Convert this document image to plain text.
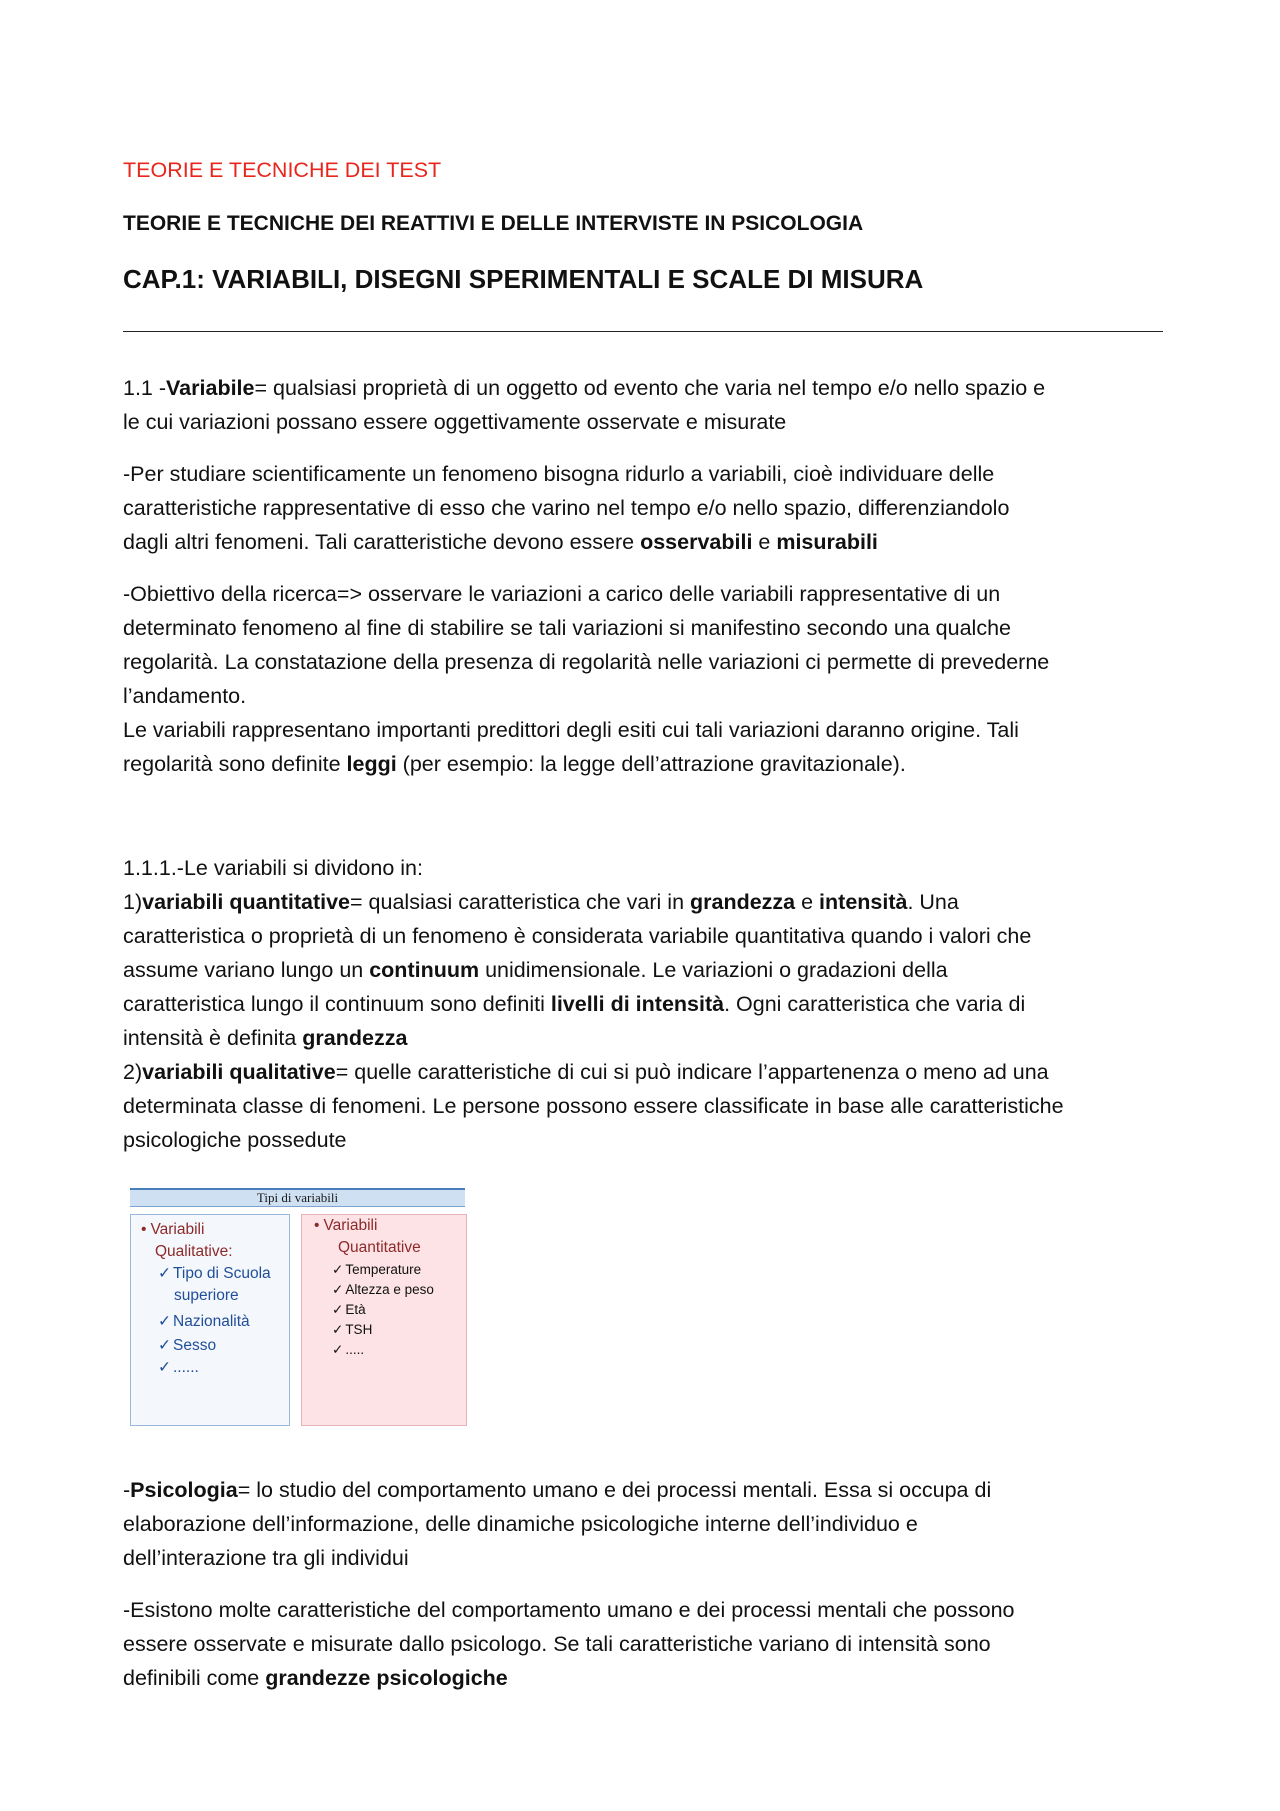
TEORIE E TECNICHE DEI TEST

TEORIE E TECNICHE DEI REATTIVI E DELLE INTERVISTE IN PSICOLOGIA

CAP.1: VARIABILI, DISEGNI SPERIMENTALI E SCALE DI MISURA

1.1 -Variabile= qualsiasi proprietà di un oggetto od evento che varia nel tempo e/o nello spazio e

le cui variazioni possano essere oggettivamente osservate e misurate

-Per studiare scientificamente un fenomeno bisogna ridurlo a variabili, cioè individuare delle

caratteristiche rappresentative di esso che varino nel tempo e/o nello spazio, differenziandolo

dagli altri fenomeni. Tali caratteristiche devono essere osservabili e misurabili

-Obiettivo della ricerca=> osservare le variazioni a carico delle variabili rappresentative di un

determinato fenomeno al fine di stabilire se tali variazioni si manifestino secondo una qualche

regolarità. La constatazione della presenza di regolarità nelle variazioni ci permette di prevederne

l’andamento.

Le variabili rappresentano importanti predittori degli esiti cui tali variazioni daranno origine. Tali

regolarità sono definite leggi (per esempio: la legge dell’attrazione gravitazionale).

1.1.1.-Le variabili si dividono in:

1)variabili quantitative= qualsiasi caratteristica che vari in grandezza e intensità. Una

caratteristica o proprietà di un fenomeno è considerata variabile quantitativa quando i valori che

assume variano lungo un continuum unidimensionale. Le variazioni o gradazioni della

caratteristica lungo il continuum sono definiti livelli di intensità. Ogni caratteristica che varia di

intensità è definita grandezza

2)variabili qualitative= quelle caratteristiche di cui si può indicare l’appartenenza o meno ad una

determinata classe di fenomeni. Le persone possono essere classificate in base alle caratteristiche

psicologiche possedute

Tipi di variabili
• Variabili
Qualitative:
✓ Tipo di Scuola
superiore
✓ Nazionalità
✓ Sesso
✓ ......
• Variabili
Quantitative
✓ Temperature
✓ Altezza e peso
✓ Età
✓ TSH
✓ .....

-Psicologia= lo studio del comportamento umano e dei processi mentali. Essa si occupa di

elaborazione dell’informazione, delle dinamiche psicologiche interne dell’individuo e

dell’interazione tra gli individui

-Esistono molte caratteristiche del comportamento umano e dei processi mentali che possono

essere osservate e misurate dallo psicologo. Se tali caratteristiche variano di intensità sono

definibili come grandezze psicologiche
